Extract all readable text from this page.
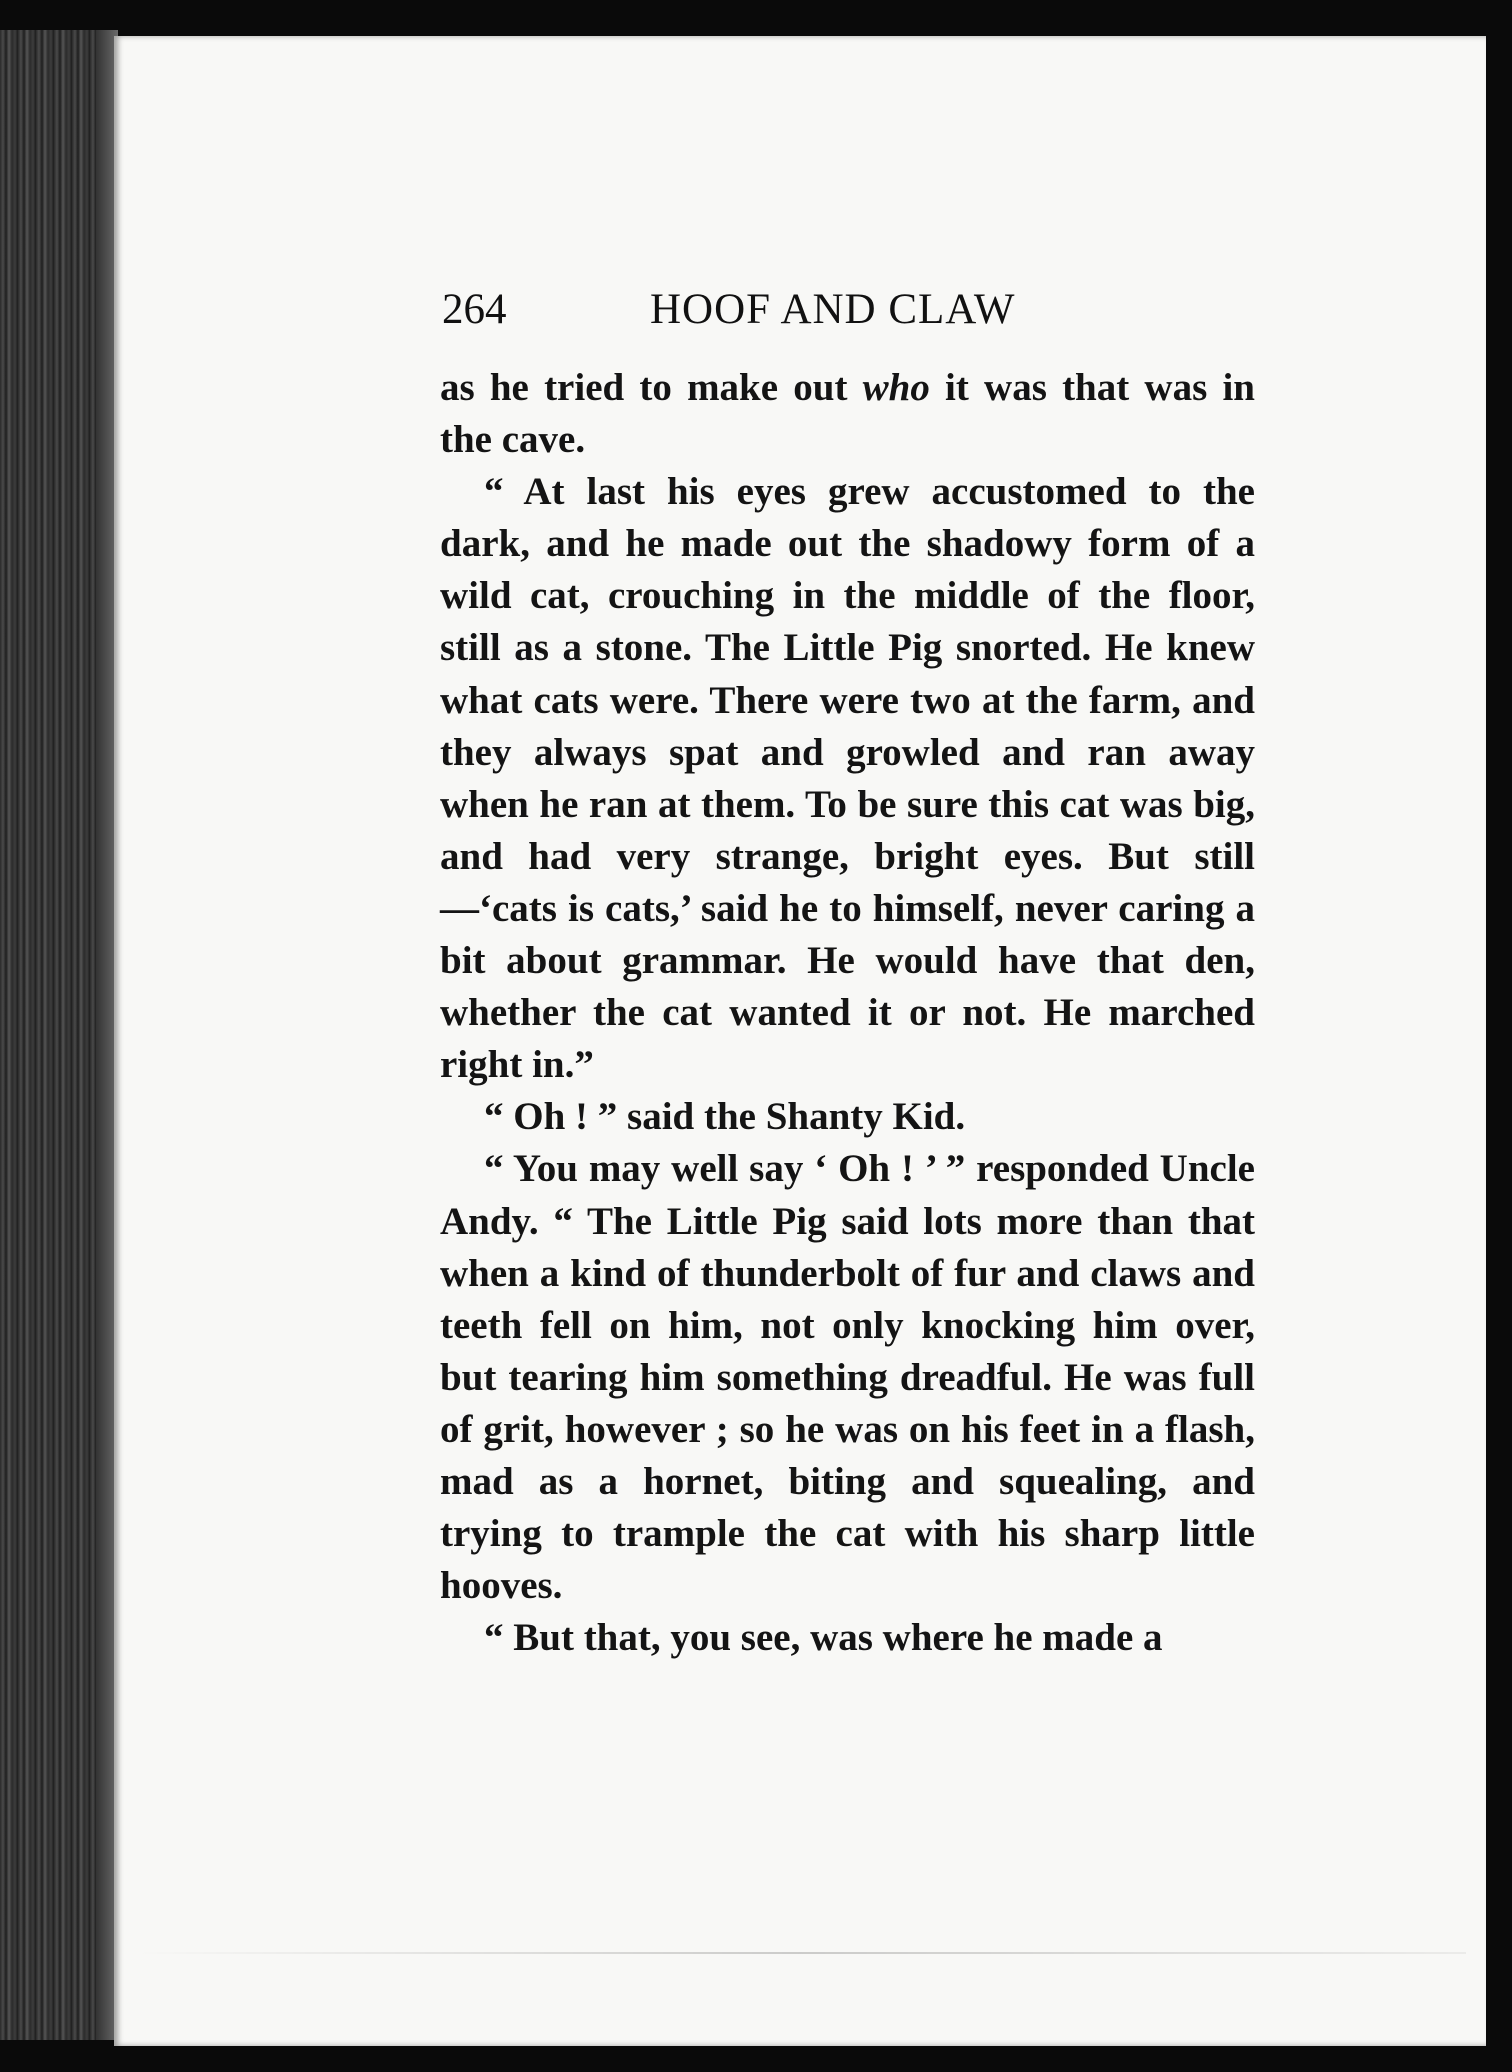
264	HOOF AND CLAW

as he tried to make out who it was that was in the cave.

“ At last his eyes grew accustomed to the dark, and he made out the shadowy form of a wild cat, crouching in the middle of the floor, still as a stone. The Little Pig snorted. He knew what cats were. There were two at the farm, and they always spat and growled and ran away when he ran at them. To be sure this cat was big, and had very strange, bright eyes. But still—‘cats is cats,’ said he to himself, never caring a bit about grammar. He would have that den, whether the cat wanted it or not. He marched right in.”

“ Oh ! ” said the Shanty Kid.

“ You may well say ‘ Oh ! ’ ” responded Uncle Andy. “ The Little Pig said lots more than that when a kind of thunderbolt of fur and claws and teeth fell on him, not only knocking him over, but tearing him something dreadful. He was full of grit, however ; so he was on his feet in a flash, mad as a hornet, biting and squealing, and trying to trample the cat with his sharp little hooves.

“ But that, you see, was where he made a
